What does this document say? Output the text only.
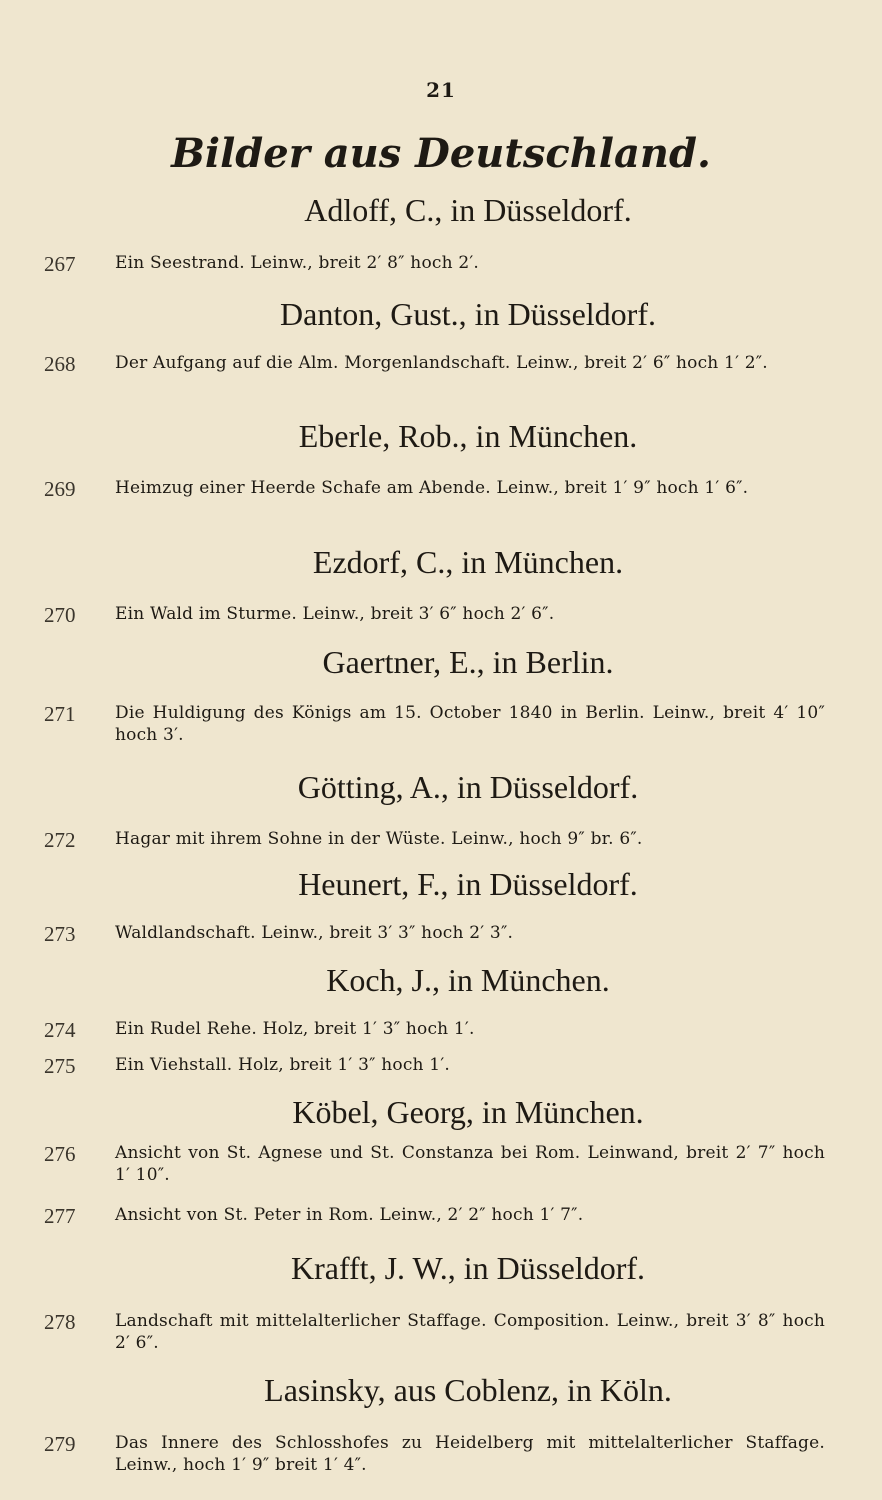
21
Bilder aus Deutschland.
Adloff, C., in Düsseldorf.
267 Ein Seestrand. Leinw., breit 2′ 8″ hoch 2′.
Danton, Gust., in Düsseldorf.
268 Der Aufgang auf die Alm. Morgenlandschaft. Leinw., breit 2′ 6″ hoch 1′ 2″.
Eberle, Rob., in München.
269 Heimzug einer Heerde Schafe am Abende. Leinw., breit 1′ 9″ hoch 1′ 6″.
Ezdorf, C., in München.
270 Ein Wald im Sturme. Leinw., breit 3′ 6″ hoch 2′ 6″.
Gaertner, E., in Berlin.
271 Die Huldigung des Königs am 15. October 1840 in Berlin. Leinw., breit 4′ 10″ hoch 3′.
Götting, A., in Düsseldorf.
272 Hagar mit ihrem Sohne in der Wüste. Leinw., hoch 9″ br. 6″.
Heunert, F., in Düsseldorf.
273 Waldlandschaft. Leinw., breit 3′ 3″ hoch 2′ 3″.
Koch, J., in München.
274 Ein Rudel Rehe. Holz, breit 1′ 3″ hoch 1′.
275 Ein Viehstall. Holz, breit 1′ 3″ hoch 1′.
Köbel, Georg, in München.
276 Ansicht von St. Agnese und St. Constanza bei Rom. Leinwand, breit 2′ 7″ hoch 1′ 10″.
277 Ansicht von St. Peter in Rom. Leinw., 2′ 2″ hoch 1′ 7″.
Krafft, J. W., in Düsseldorf.
278 Landschaft mit mittelalterlicher Staffage. Composition. Leinw., breit 3′ 8″ hoch 2′ 6″.
Lasinsky, aus Coblenz, in Köln.
279 Das Innere des Schlosshofes zu Heidelberg mit mittelalterlicher Staffage. Leinw., hoch 1′ 9″ breit 1′ 4″.
